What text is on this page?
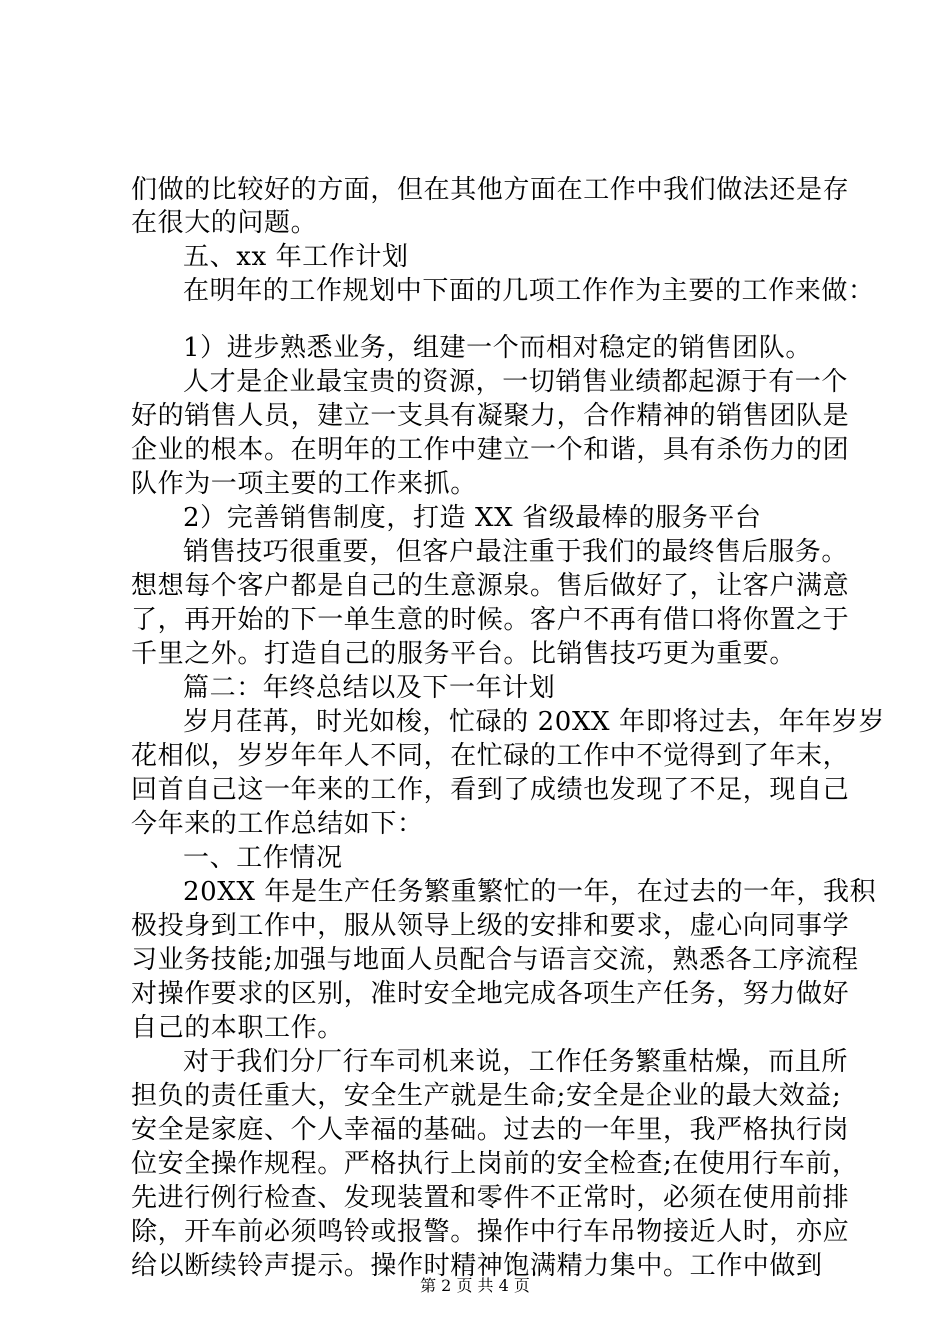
们做的比较好的方面，但在其他方面在工作中我们做法还是存
在很大的问题。
五、xx 年工作计划
在明年的工作规划中下面的几项工作作为主要的工作来做：
1）进步熟悉业务，组建一个而相对稳定的销售团队。
人才是企业最宝贵的资源，一切销售业绩都起源于有一个
好的销售人员，建立一支具有凝聚力，合作精神的销售团队是
企业的根本。在明年的工作中建立一个和谐，具有杀伤力的团
队作为一项主要的工作来抓。
2）完善销售制度，打造 XX 省级最棒的服务平台
销售技巧很重要，但客户最注重于我们的最终售后服务。
想想每个客户都是自己的生意源泉。售后做好了，让客户满意
了，再开始的下一单生意的时候。客户不再有借口将你置之于
千里之外。打造自己的服务平台。比销售技巧更为重要。
篇二：年终总结以及下一年计划
岁月荏苒，时光如梭，忙碌的 20XX 年即将过去，年年岁岁
花相似，岁岁年年人不同，在忙碌的工作中不觉得到了年末，
回首自己这一年来的工作，看到了成绩也发现了不足，现自己
今年来的工作总结如下：
一、工作情况
20XX 年是生产任务繁重繁忙的一年，在过去的一年，我积
极投身到工作中，服从领导上级的安排和要求，虚心向同事学
习业务技能;加强与地面人员配合与语言交流，熟悉各工序流程
对操作要求的区别，准时安全地完成各项生产任务，努力做好
自己的本职工作。
对于我们分厂行车司机来说，工作任务繁重枯燥，而且所
担负的责任重大，安全生产就是生命;安全是企业的最大效益;
安全是家庭、个人幸福的基础。过去的一年里，我严格执行岗
位安全操作规程。严格执行上岗前的安全检查;在使用行车前，
先进行例行检查、发现装置和零件不正常时，必须在使用前排
除，开车前必须鸣铃或报警。操作中行车吊物接近人时，亦应
给以断续铃声提示。操作时精神饱满精力集中。工作中做到
第 2 页 共 4 页
